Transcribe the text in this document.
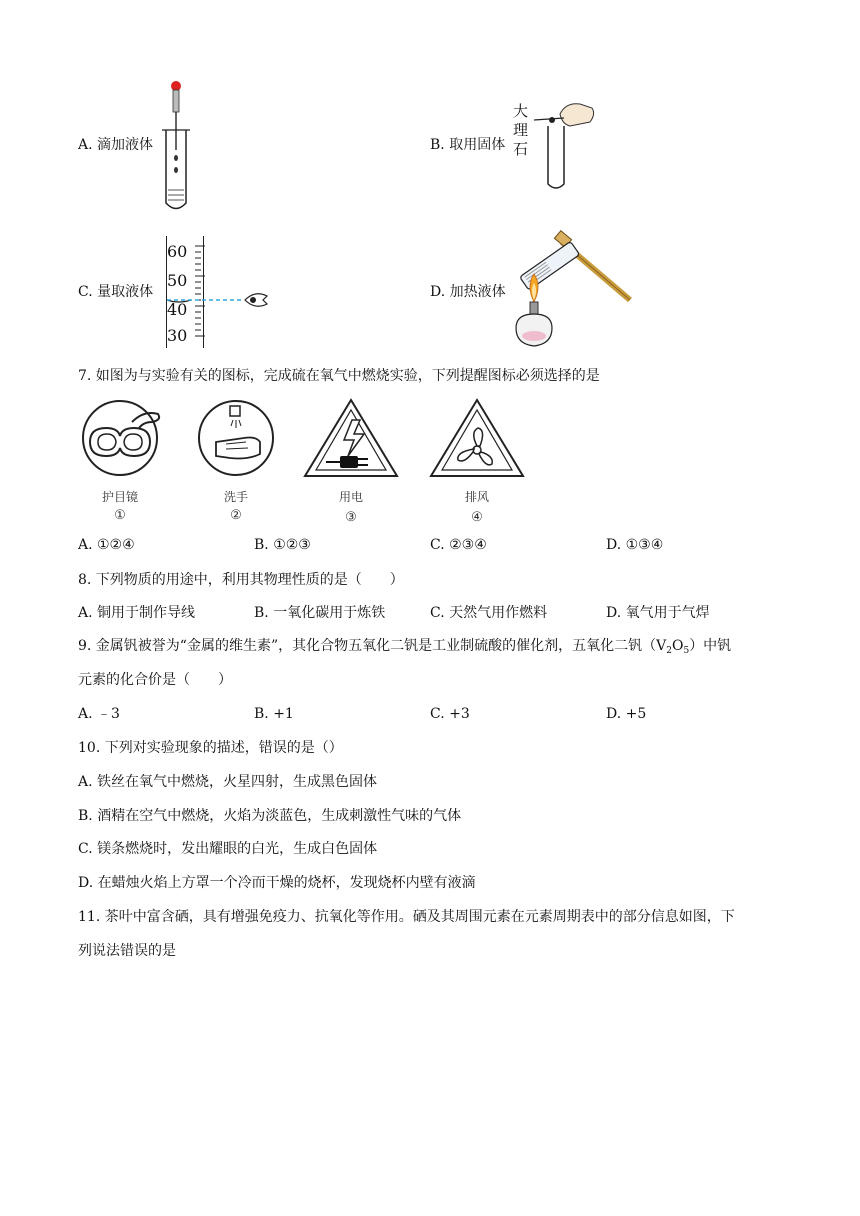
A. 滴加液体	B. 取用固体
大
理
石
C. 量取液体
60
50
40
30
D. 加热液体
7. 如图为与实验有关的图标，完成硫在氧气中燃烧实验，下列提醒图标必须选择的是
护目镜
①
洗手
②
用电
③
排风
④
A. ①②④	B. ①②③	C. ②③④	D. ①③④
8. 下列物质的用途中，利用其物理性质的是（　　）
A. 铜用于制作导线	B. 一氧化碳用于炼铁	C. 天然气用作燃料	D. 氧气用于气焊
9. 金属钒被誉为“金属的维生素”，其化合物五氧化二钒是工业制硫酸的催化剂，五氧化二钒$(V_2O_5)$中钒
元素的化合价是（　　）
A. ﹣3	B. +1	C. +3	D. +5
10. 下列对实验现象的描述，错误的是（）
A. 铁丝在氧气中燃烧，火星四射，生成黑色固体
B. 酒精在空气中燃烧，火焰为淡蓝色，生成刺激性气味的气体
C. 镁条燃烧时，发出耀眼的白光，生成白色固体
D. 在蜡烛火焰上方罩一个冷而干燥的烧杯，发现烧杯内壁有液滴
11. 茶叶中富含硒，具有增强免疫力、抗氧化等作用。硒及其周围元素在元素周期表中的部分信息如图，下
列说法错误的是
